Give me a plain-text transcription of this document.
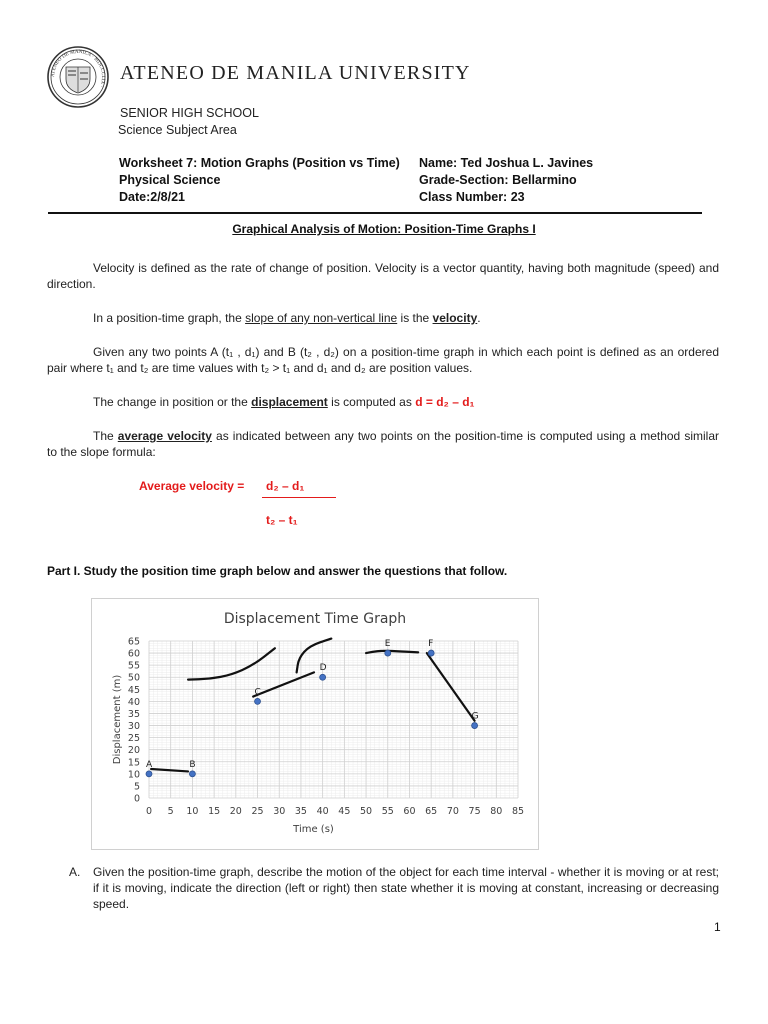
ATENEO DE MANILA · MDCCCLIX ·
ATENEO DE MANILA UNIVERSITY
SENIOR HIGH SCHOOL
Science Subject Area
Worksheet 7: Motion Graphs (Position vs Time)
Physical Science
Date:2/8/21
Name: Ted Joshua L. Javines
Grade-Section: Bellarmino
Class Number: 23
Graphical Analysis of Motion: Position-Time Graphs I
Velocity is defined as the rate of change of position. Velocity is a vector quantity, having both magnitude (speed) and direction.
In a position-time graph, the slope of any non-vertical line is the velocity.
Given any two points A (t₁ , d₁) and B (t₂ , d₂) on a position-time graph in which each point is defined as an ordered pair where t₁ and t₂ are time values with t₂ > t₁ and d₁ and d₂ are position values.
The change in position or the displacement is computed as d = d₂ – d₁
The average velocity as indicated between any two points on the position-time is computed using a method similar to the slope formula:
Average velocity = d₂ – d₁
t₂ – t₁
Part I. Study the position time graph below and answer the questions that follow.
Displacement Time Graph
0 5 10 15 20 25 30 35 40 45 50 55 60 65 70 75 80 85
0
5
10
15
20
25
30
35
40
45
50
55
60
65
Time (s)
Displacement (m)
A	B
C
D
E	F
G
A. Given the position-time graph, describe the motion of the object for each time interval - whether it is moving or at rest; if it is moving, indicate the direction (left or right) then state whether it is moving at constant, increasing or decreasing speed.
1
